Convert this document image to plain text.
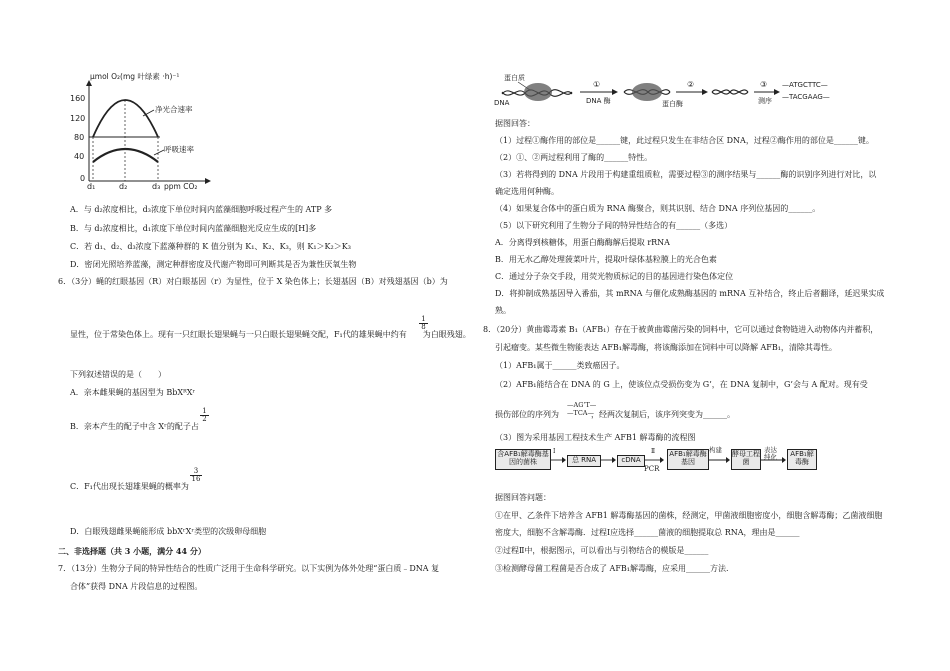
μmol O₂(mg 叶绿素 ·h)⁻¹
160
120
80
40
0
净光合速率
呼吸速率
d₁	d₂	d₃ ppm CO₂
A．与 d₂浓度相比，d₃浓度下单位时间内蓝藻细胞呼吸过程产生的 ATP 多
B．与 d₂浓度相比，d₁浓度下单位时间内蓝藻细胞光反应生成的[H]多
C．若 d₁、d₂、d₃浓度下蓝藻种群的 K 值分别为 K₁、K₂、K₃，则 K₁＞K₂＞K₃
D．密闭光照培养蓝藻，测定种群密度及代谢产物即可判断其是否为兼性厌氧生物
6．（3分）蝇的红眼基因（R）对白眼基因（r）为显性，位于 X 染色体上；长翅基因（B）对残翅基因（b）为
显性，位于常染色体上。现有一只红眼长翅果蝇与一只白眼长翅果蝇交配，F₁代的雄果蝇中约有 为白眼残翅。
$\frac{1}{8}$
下列叙述错误的是（　　）
A．亲本雌果蝇的基因型为 BbXᴿXʳ
B．亲本产生的配子中含 Xʳ的配子占
$\frac{1}{2}$
C．F₁代出现长翅雄果蝇的概率为
$\frac{3}{16}$
D．白眼残翅雌果蝇能形成 bbXʳXʳ类型的次级卵母细胞
二、非选择题（共 3 小题，满分 44 分）
7．（13分）生物分子间的特异性结合的性质广泛用于生命科学研究。以下实例为体外处理“蛋白质﹣DNA 复
合体”获得 DNA 片段信息的过程图。
蛋白质
DNA
①
DNA 酶
②
蛋白酶
③
测序
—ATGCTTC—
—TACGAAG—
据图回答：
（1）过程①酶作用的部位是______键，此过程只发生在非结合区 DNA，过程②酶作用的部位是______键。
（2）①、②两过程利用了酶的______特性。
（3）若将得到的 DNA 片段用于构建重组质粒，需要过程③的测序结果与______酶的识别序列进行对比，以
确定选用何种酶。
（4）如果复合体中的蛋白质为 RNA 酶聚合，则其识别、结合 DNA 序列位基因的______。
（5）以下研究利用了生物分子间的特异性结合的有______（多选）
A．分离得到核糖体，用蛋白酶酶解后提取 rRNA
B．用无水乙醇处理菠菜叶片，提取叶绿体基粒膜上的光合色素
C．通过分子杂交手段，用荧光物质标记的目的基因进行染色体定位
D．将抑制成熟基因导入番茄，其 mRNA 与催化成熟酶基因的 mRNA 互补结合，终止后者翻译，延迟果实成
熟。
8．（20分）黄曲霉毒素 B₁（AFB₁）存在于被黄曲霉菌污染的饲料中，它可以通过食物链进入动物体内并蓄积，
引起瘤变。某些微生物能表达 AFB₁解毒酶，将该酶添加在饲料中可以降解 AFB₁，清除其毒性。
（1）AFB₁属于______类致癌因子。
（2）AFB₁能结合在 DNA 的 G 上，使该位点受损伤变为 G’，在 DNA 复制中，G’会与 A 配对。现有受
损伤部位的序列为	，经两次复制后，该序列突变为______。
—AG’T—
—TCA—
（3）图为采用基因工程技术生产 AFB1 解毒酶的流程图
含AFB₁解毒酶基因的菌株
Ⅰ
总 RNA	cDNA
Ⅱ
PCR
AFB₁解毒酶基因
构建 酵母工程菌
表达纯化	AFB₁解毒酶
据图回答问题：
①在甲、乙条件下培养含 AFB1 解毒酶基因的菌株，经测定，甲菌液细胞密度小，细胞含解毒酶；乙菌液细胞
密度大，细胞不含解毒酶．过程Ⅰ应选择______菌液的细胞提取总 RNA，理由是______
②过程Ⅱ中，根据图示，可以看出与引物结合的模版是______
③检测酵母菌工程菌是否合成了 AFB₁解毒酶，应采用______方法.
